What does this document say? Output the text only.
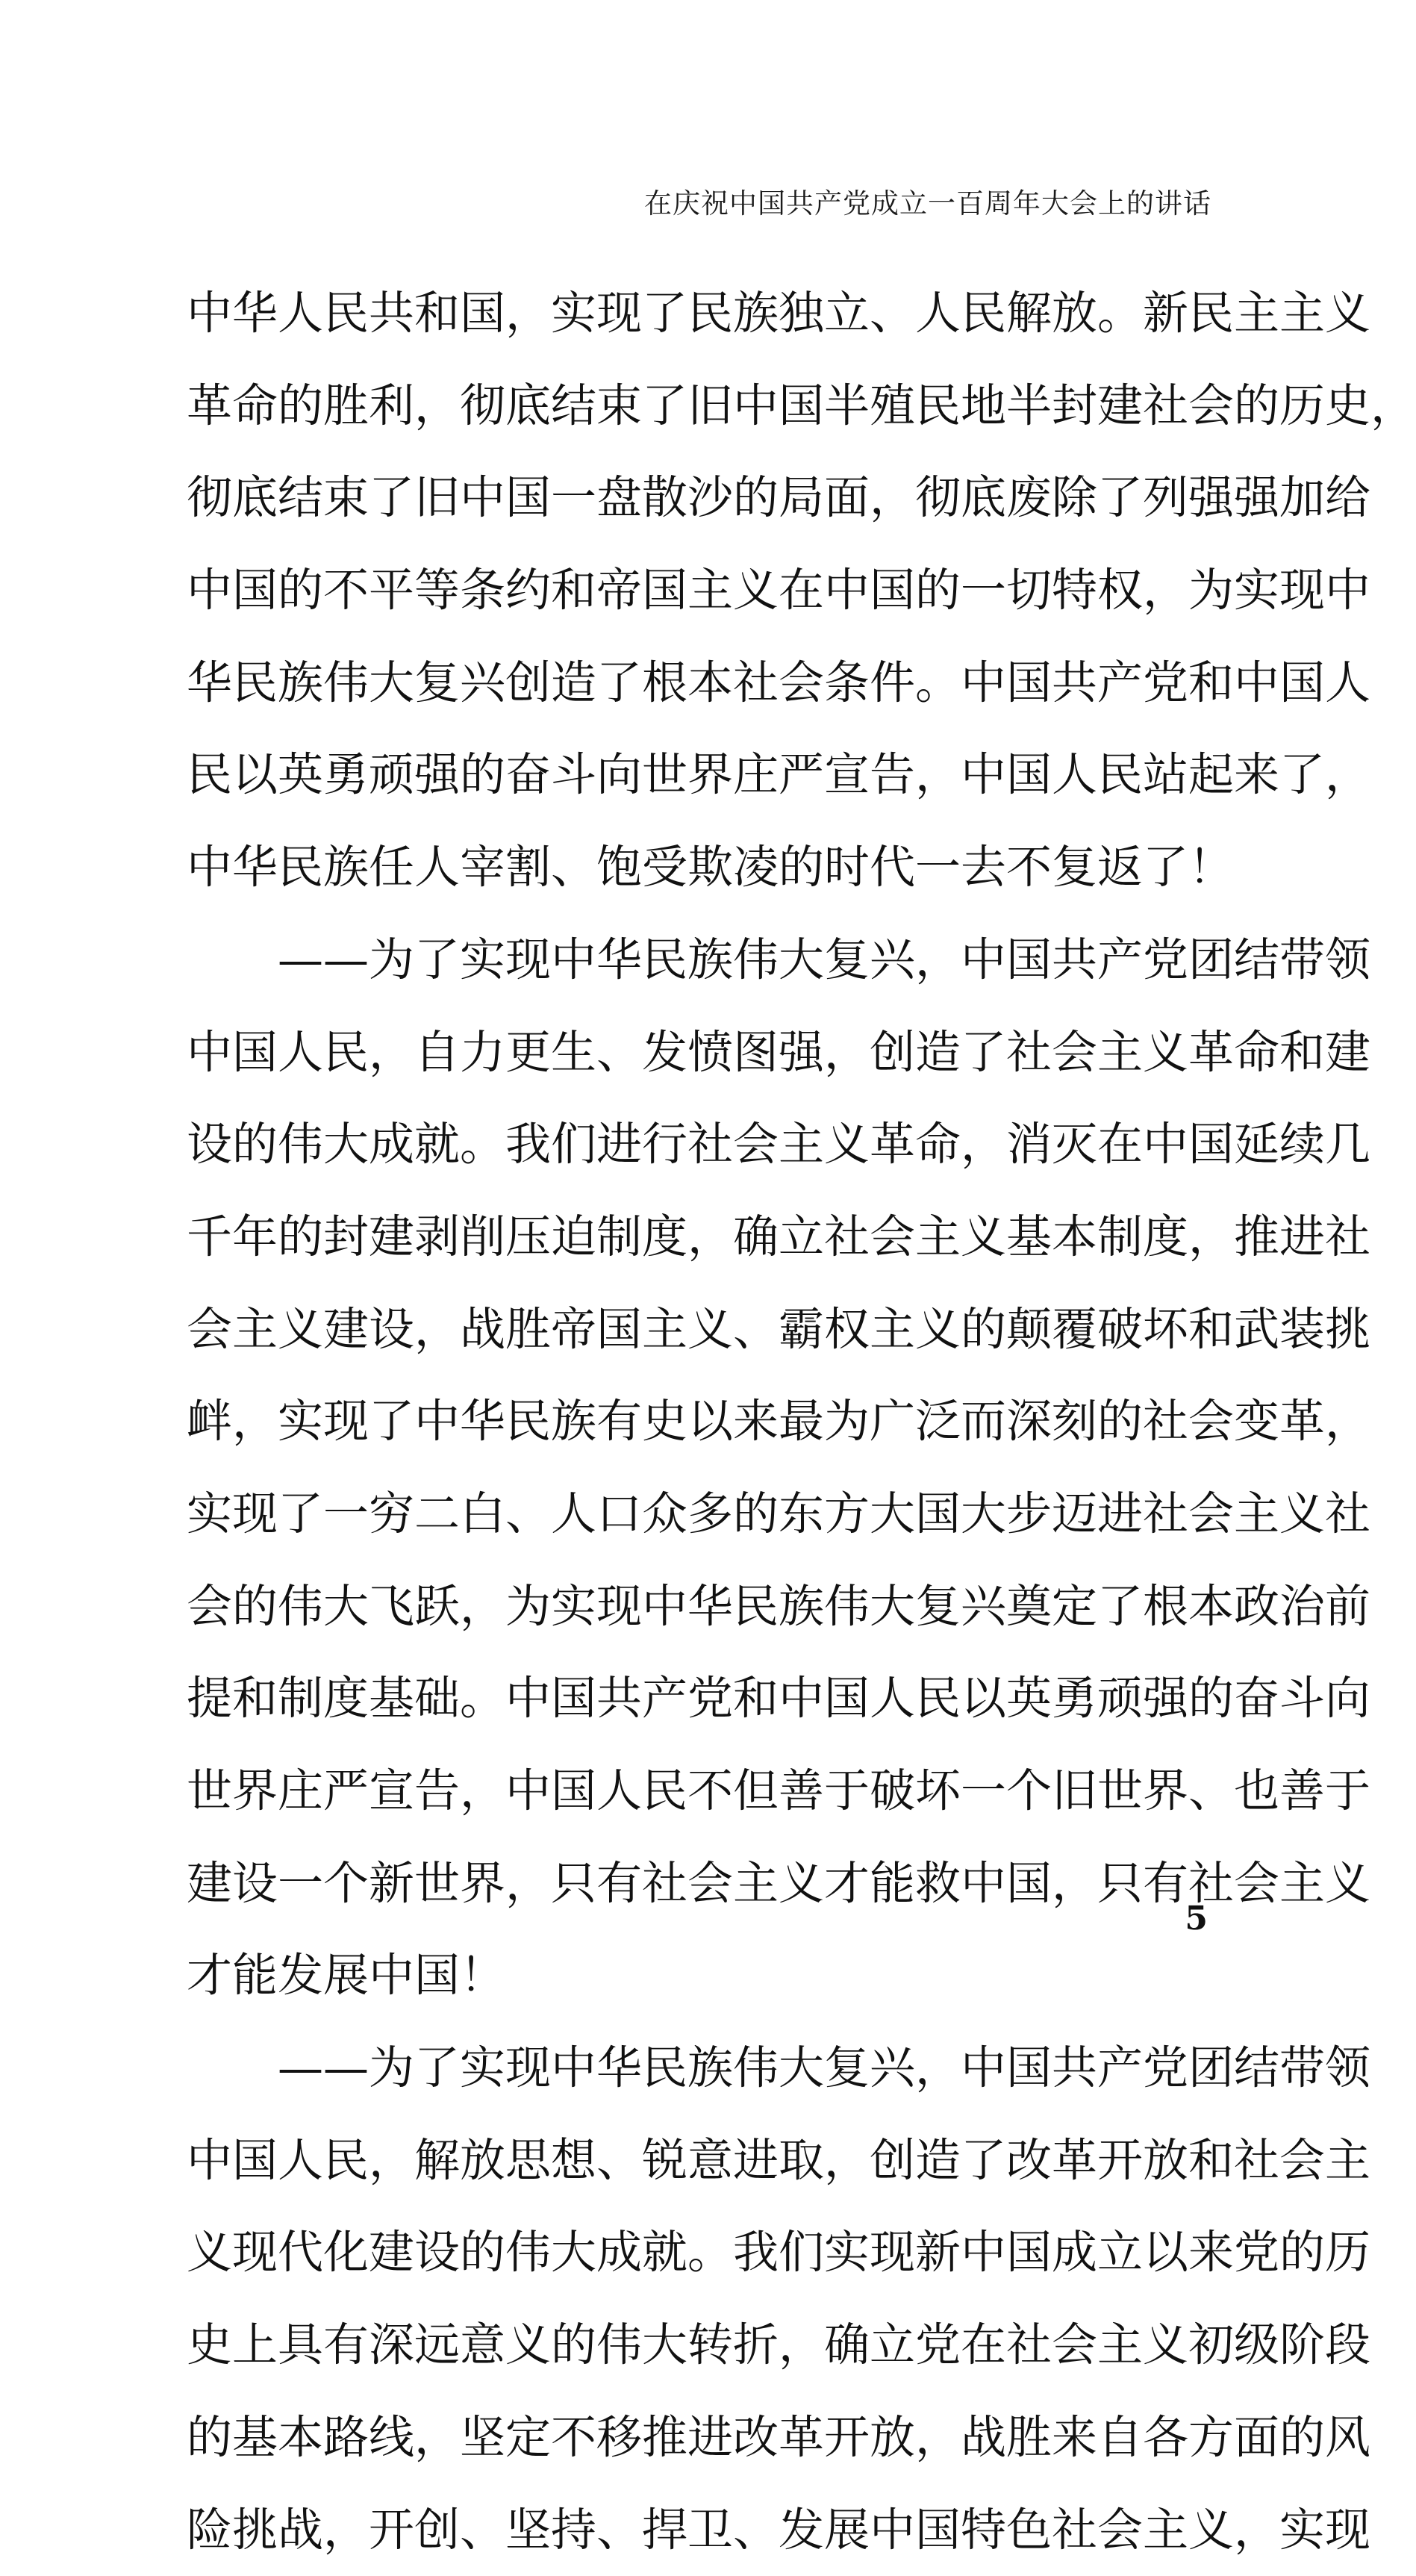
在庆祝中国共产党成立一百周年大会上的讲话
中华人民共和国，实现了民族独立、人民解放。新民主主义
革命的胜利，彻底结束了旧中国半殖民地半封建社会的历史，
彻底结束了旧中国一盘散沙的局面，彻底废除了列强强加给
中国的不平等条约和帝国主义在中国的一切特权，为实现中
华民族伟大复兴创造了根本社会条件。中国共产党和中国人
民以英勇顽强的奋斗向世界庄严宣告，中国人民站起来了，
中华民族任人宰割、饱受欺凌的时代一去不复返了！
——为了实现中华民族伟大复兴，中国共产党团结带领
中国人民，自力更生、发愤图强，创造了社会主义革命和建
设的伟大成就。我们进行社会主义革命，消灭在中国延续几
千年的封建剥削压迫制度，确立社会主义基本制度，推进社
会主义建设，战胜帝国主义、霸权主义的颠覆破坏和武装挑
衅，实现了中华民族有史以来最为广泛而深刻的社会变革，
实现了一穷二白、人口众多的东方大国大步迈进社会主义社
会的伟大飞跃，为实现中华民族伟大复兴奠定了根本政治前
提和制度基础。中国共产党和中国人民以英勇顽强的奋斗向
世界庄严宣告，中国人民不但善于破坏一个旧世界、也善于
建设一个新世界，只有社会主义才能救中国，只有社会主义
才能发展中国！
——为了实现中华民族伟大复兴，中国共产党团结带领
中国人民，解放思想、锐意进取，创造了改革开放和社会主
义现代化建设的伟大成就。我们实现新中国成立以来党的历
史上具有深远意义的伟大转折，确立党在社会主义初级阶段
的基本路线，坚定不移推进改革开放，战胜来自各方面的风
险挑战，开创、坚持、捍卫、发展中国特色社会主义，实现
5
